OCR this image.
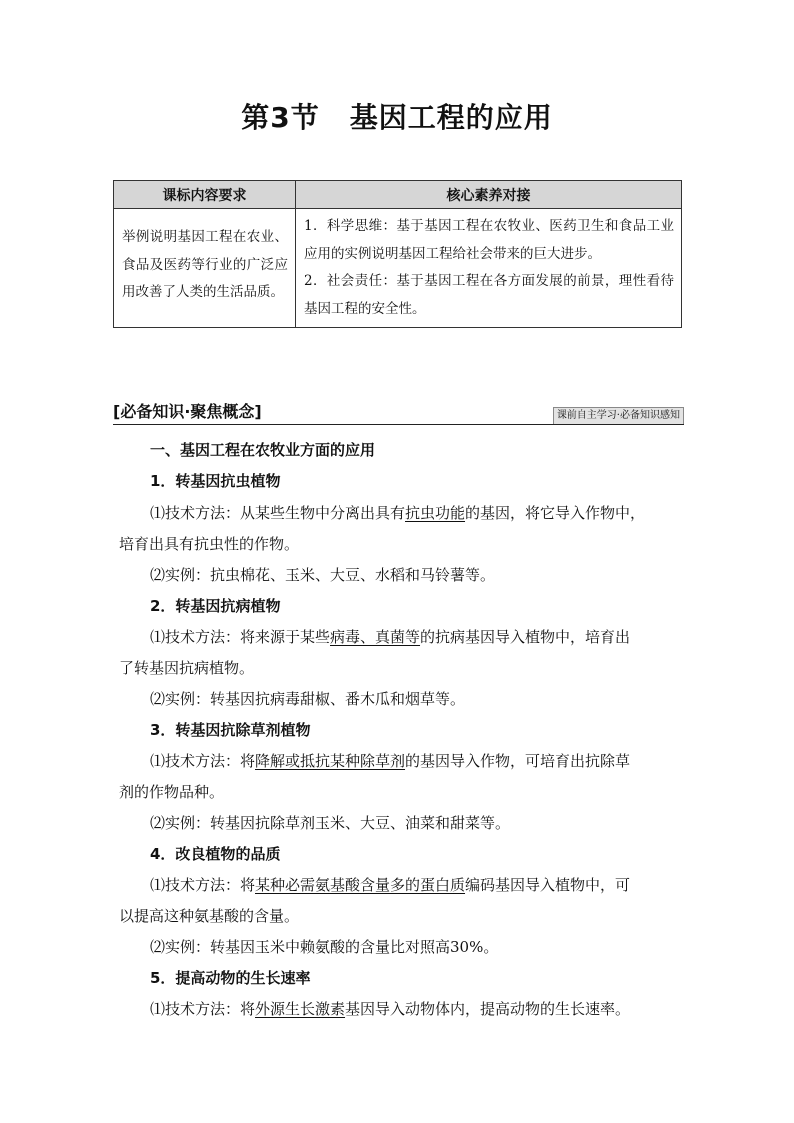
第3节 基因工程的应用
课标内容要求	核心素养对接
举例说明基因工程在农业、食品及医药等行业的广泛应用改善了人类的生活品质。	1．科学思维：基于基因工程在农牧业、医药卫生和食品工业应用的实例说明基因工程给社会带来的巨大进步。
2．社会责任：基于基因工程在各方面发展的前景，理性看待基因工程的安全性。
[必备知识·聚焦概念]	课前自主学习·必备知识感知
一、基因工程在农牧业方面的应用
1．转基因抗虫植物
⑴技术方法：从某些生物中分离出具有抗虫功能的基因，将它导入作物中，
培育出具有抗虫性的作物。
⑵实例：抗虫棉花、玉米、大豆、水稻和马铃薯等。
2．转基因抗病植物
⑴技术方法：将来源于某些病毒、真菌等的抗病基因导入植物中，培育出
了转基因抗病植物。
⑵实例：转基因抗病毒甜椒、番木瓜和烟草等。
3．转基因抗除草剂植物
⑴技术方法：将降解或抵抗某种除草剂的基因导入作物，可培育出抗除草
剂的作物品种。
⑵实例：转基因抗除草剂玉米、大豆、油菜和甜菜等。
4．改良植物的品质
⑴技术方法：将某种必需氨基酸含量多的蛋白质编码基因导入植物中，可
以提高这种氨基酸的含量。
⑵实例：转基因玉米中赖氨酸的含量比对照高30%。
5．提高动物的生长速率
⑴技术方法：将外源生长激素基因导入动物体内，提高动物的生长速率。
